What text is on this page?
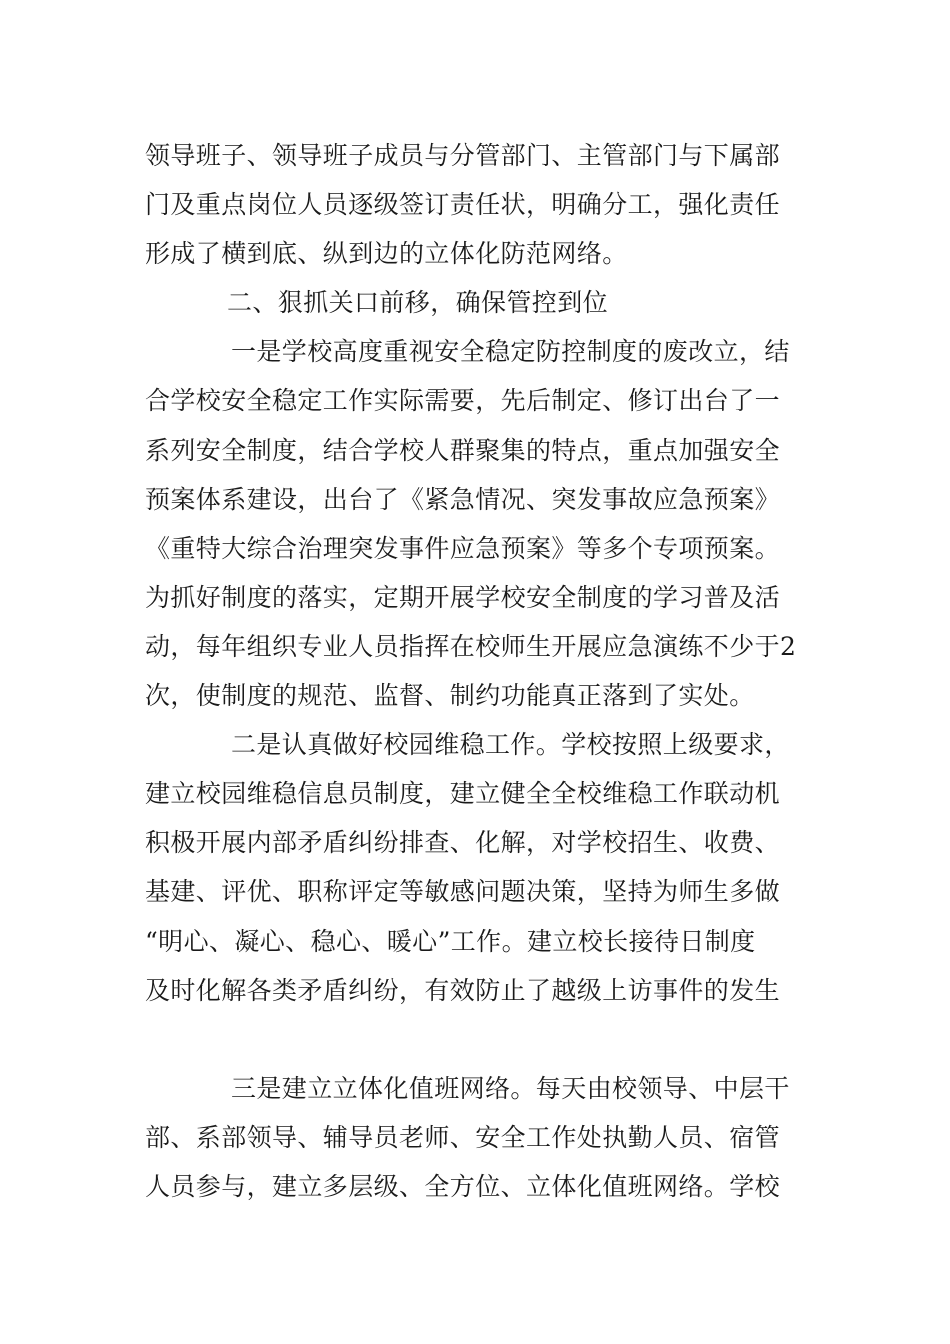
领导班子、领导班子成员与分管部门、主管部门与下属部
门及重点岗位人员逐级签订责任状，明确分工，强化责任
形成了横到底、纵到边的立体化防范网络。
二、狠抓关口前移，确保管控到位
一是学校高度重视安全稳定防控制度的废改立，结
合学校安全稳定工作实际需要，先后制定、修订出台了一
系列安全制度，结合学校人群聚集的特点，重点加强安全
预案体系建设，出台了《紧急情况、突发事故应急预案》
《重特大综合治理突发事件应急预案》等多个专项预案。
为抓好制度的落实，定期开展学校安全制度的学习普及活
动，每年组织专业人员指挥在校师生开展应急演练不少于2
次，使制度的规范、监督、制约功能真正落到了实处。
二是认真做好校园维稳工作。学校按照上级要求，
建立校园维稳信息员制度，建立健全全校维稳工作联动机
积极开展内部矛盾纠纷排查、化解，对学校招生、收费、
基建、评优、职称评定等敏感问题决策，坚持为师生多做
“明心、凝心、稳心、暖心”工作。建立校长接待日制度
及时化解各类矛盾纠纷，有效防止了越级上访事件的发生
三是建立立体化值班网络。每天由校领导、中层干
部、系部领导、辅导员老师、安全工作处执勤人员、宿管
人员参与，建立多层级、全方位、立体化值班网络。学校
